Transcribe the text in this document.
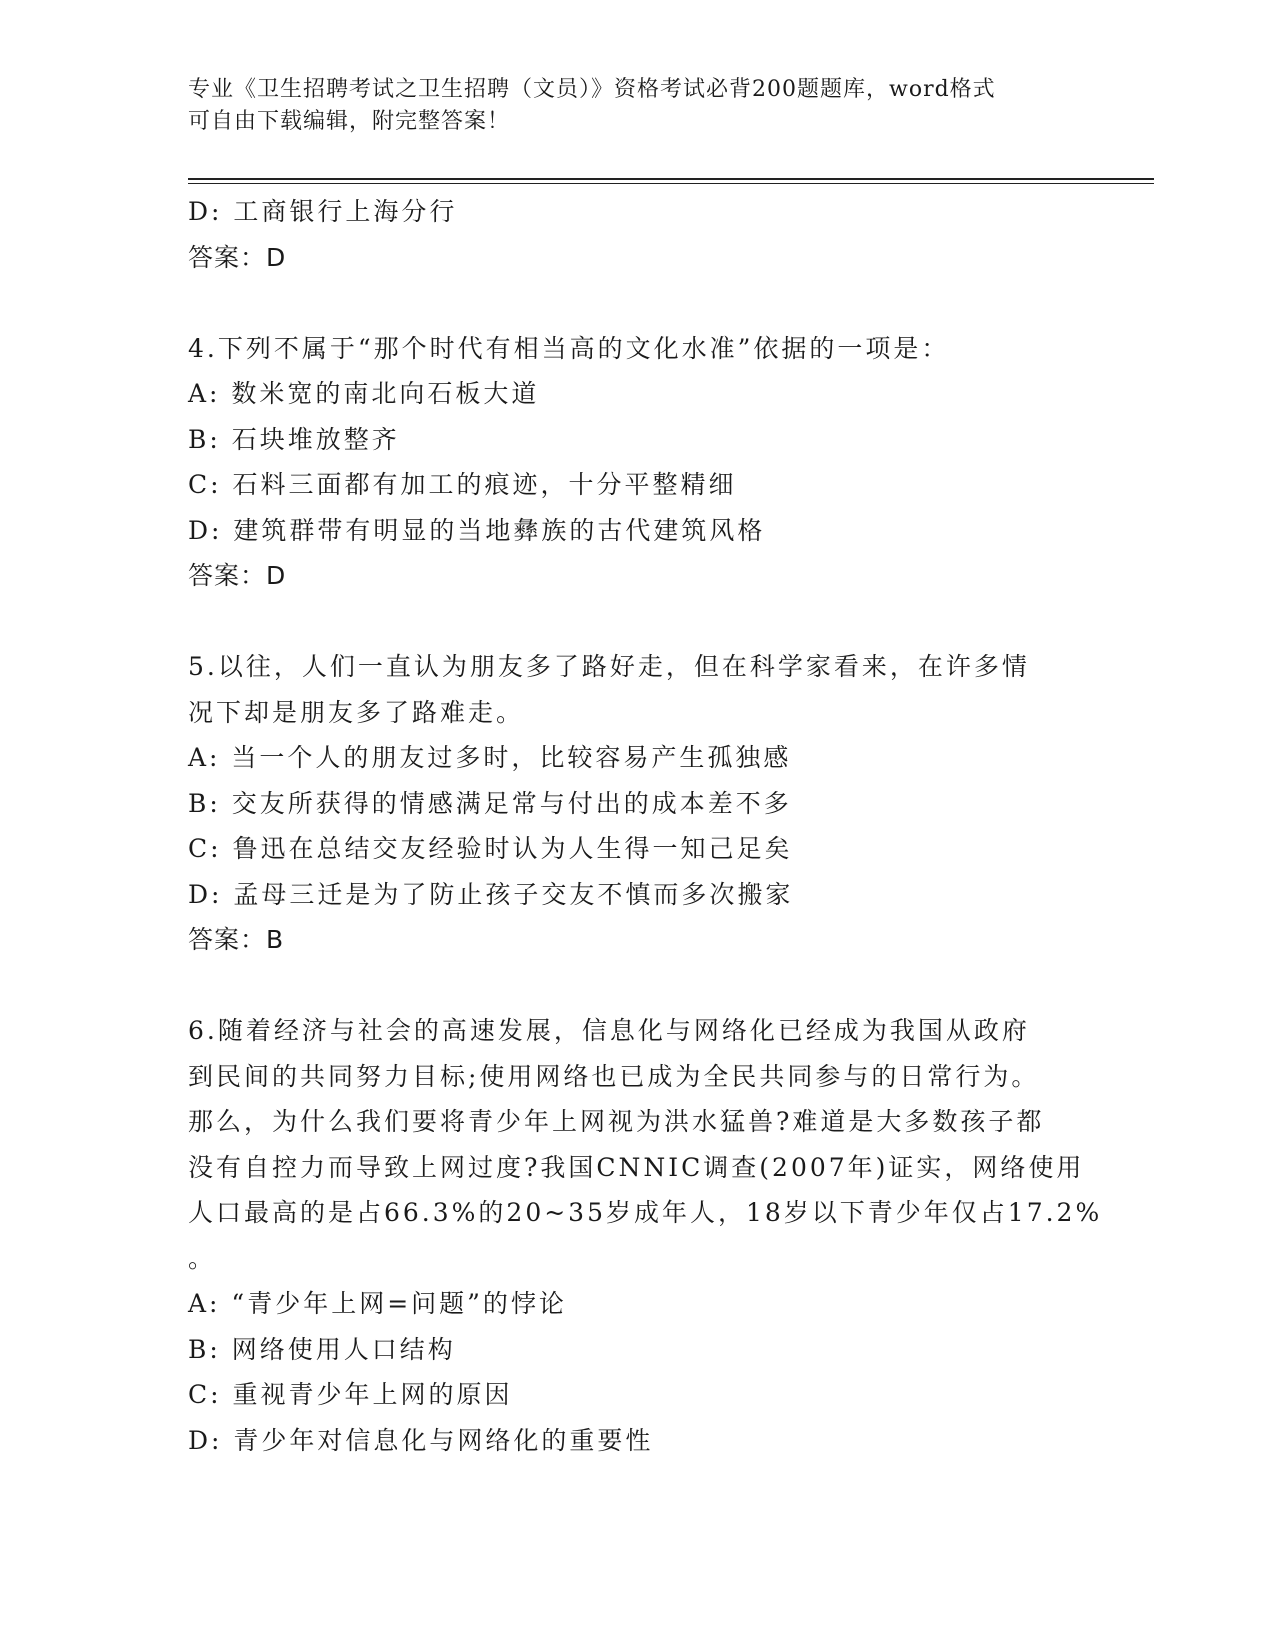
专业《卫生招聘考试之卫生招聘（文员）》资格考试必背200题题库，word格式
可自由下载编辑，附完整答案！
D: 工商银行上海分行
答案：D
4.下列不属于“那个时代有相当高的文化水准”依据的一项是：
A: 数米宽的南北向石板大道
B: 石块堆放整齐
C: 石料三面都有加工的痕迹，十分平整精细
D: 建筑群带有明显的当地彝族的古代建筑风格
答案：D
5.以往，人们一直认为朋友多了路好走，但在科学家看来，在许多情
况下却是朋友多了路难走。
A: 当一个人的朋友过多时，比较容易产生孤独感
B: 交友所获得的情感满足常与付出的成本差不多
C: 鲁迅在总结交友经验时认为人生得一知己足矣
D: 孟母三迁是为了防止孩子交友不慎而多次搬家
答案：B
6.随着经济与社会的高速发展，信息化与网络化已经成为我国从政府
到民间的共同努力目标;使用网络也已成为全民共同参与的日常行为。
那么，为什么我们要将青少年上网视为洪水猛兽?难道是大多数孩子都
没有自控力而导致上网过度?我国CNNIC调查(2007年)证实，网络使用
人口最高的是占66.3%的20~35岁成年人，18岁以下青少年仅占17.2%
。
A: “青少年上网=问题”的悖论
B: 网络使用人口结构
C: 重视青少年上网的原因
D: 青少年对信息化与网络化的重要性
